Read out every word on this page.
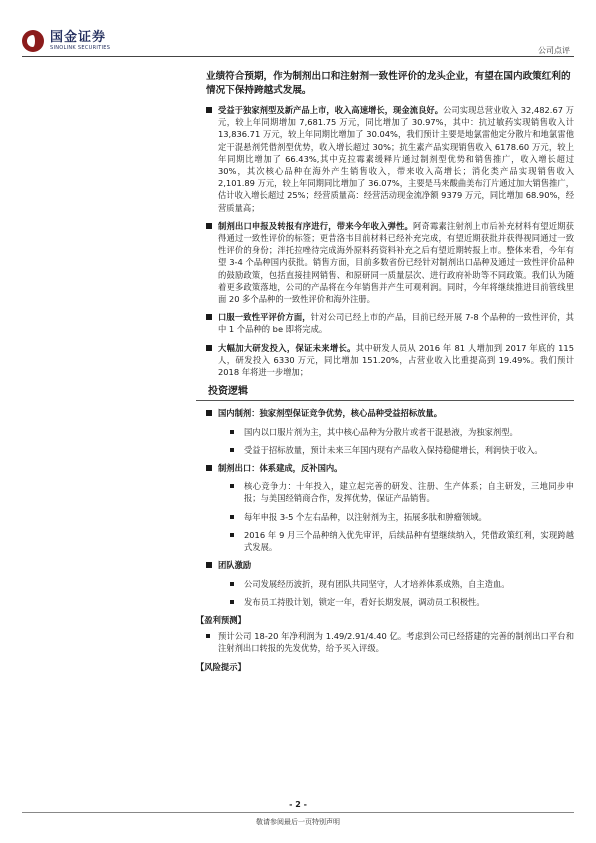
国金证券
SINOLINK SECURITIES	公司点评
业绩符合预期，作为制剂出口和注射剂一致性评价的龙头企业，有望在国内政策红利的情况下保持跨越式发展。
受益于独家剂型及新产品上市，收入高速增长，现金流良好。公司实现总营业收入 32,482.67 万元，较上年同期增加 7,681.75 万元，同比增加了 30.97%，其中：抗过敏药实现销售收入计 13,836.71 万元，较上年同期比增加了 30.04%，我们预计主要是地氯雷他定分散片和地氯雷他定干混悬剂凭借剂型优势，收入增长超过 30%；抗生素产品实现销售收入 6178.60 万元，较上年同期比增加了 66.43%,其中克拉霉素缓释片通过制剂型优势和销售推广，收入增长超过 30%，其次核心品种在海外产生销售收入，带来收入高增长；消化类产品实现销售收入 2,101.89 万元，较上年同期同比增加了 36.07%，主要是马来酸曲美布汀片通过加大销售推广，估计收入增长超过 25%；经营质量高：经营活动现金流净额 9379 万元，同比增加 68.90%，经营质量高；
制剂出口申报及转报有序进行，带来今年收入弹性。阿奇霉素注射剂上市后补充材料有望近期获得通过一致性评价的标签；更昔洛韦目前材料已经补充完成，有望近期获批并获得视同通过一致性评价的身份；泮托拉唑待完成海外原料药资料补充之后有望近期转报上市。整体来看，今年有望 3-4 个品种国内获批。销售方面，目前多数省份已经针对制剂出口品种及通过一致性评价品种的鼓励政策，包括直接挂网销售、和原研同一质量层次、进行政府补助等不同政策。我们认为随着更多政策落地，公司的产品将在今年销售并产生可观利润。同时，今年将继续推进目前管线里面 20 多个品种的一致性评价和海外注册。
口服一致性平评价方面，针对公司已经上市的产品，目前已经开展 7-8 个品种的一致性评价，其中 1 个品种的 be 即将完成。
大幅加大研发投入，保证未来增长。其中研发人员从 2016 年 81 人增加到 2017 年底的 115 人，研发投入 6330 万元，同比增加 151.20%，占营业收入比重提高到 19.49%。我们预计 2018 年将进一步增加；
投资逻辑
国内制剂：独家剂型保证竞争优势，核心品种受益招标放量。
国内以口服片剂为主，其中核心品种为分散片或者干混悬液，为独家剂型。
受益于招标放量，预计未来三年国内现有产品收入保持稳健增长，利润快于收入。
制剂出口：体系建成，反补国内。
核心竞争力：十年投入，建立起完善的研发、注册、生产体系；自主研发，三地同步申报；与美国经销商合作，发挥优势，保证产品销售。
每年申报 3-5 个左右品种，以注射剂为主，拓展多肽和肿瘤领域。
2016 年 9 月三个品种纳入优先审评，后续品种有望继续纳入，凭借政策红利，实现跨越式发展。
团队激励
公司发展经历波折，现有团队共同坚守，人才培养体系成熟，自主造血。
发布员工持股计划，锁定一年，看好长期发展，调动员工积极性。
【盈利预测】
预计公司 18-20 年净利润为 1.49/2.91/4.40 亿。考虑到公司已经搭建的完善的制剂出口平台和注射剂出口转报的先发优势，给予买入评级。
【风险提示】
- 2 -
敬请参阅最后一页特别声明
